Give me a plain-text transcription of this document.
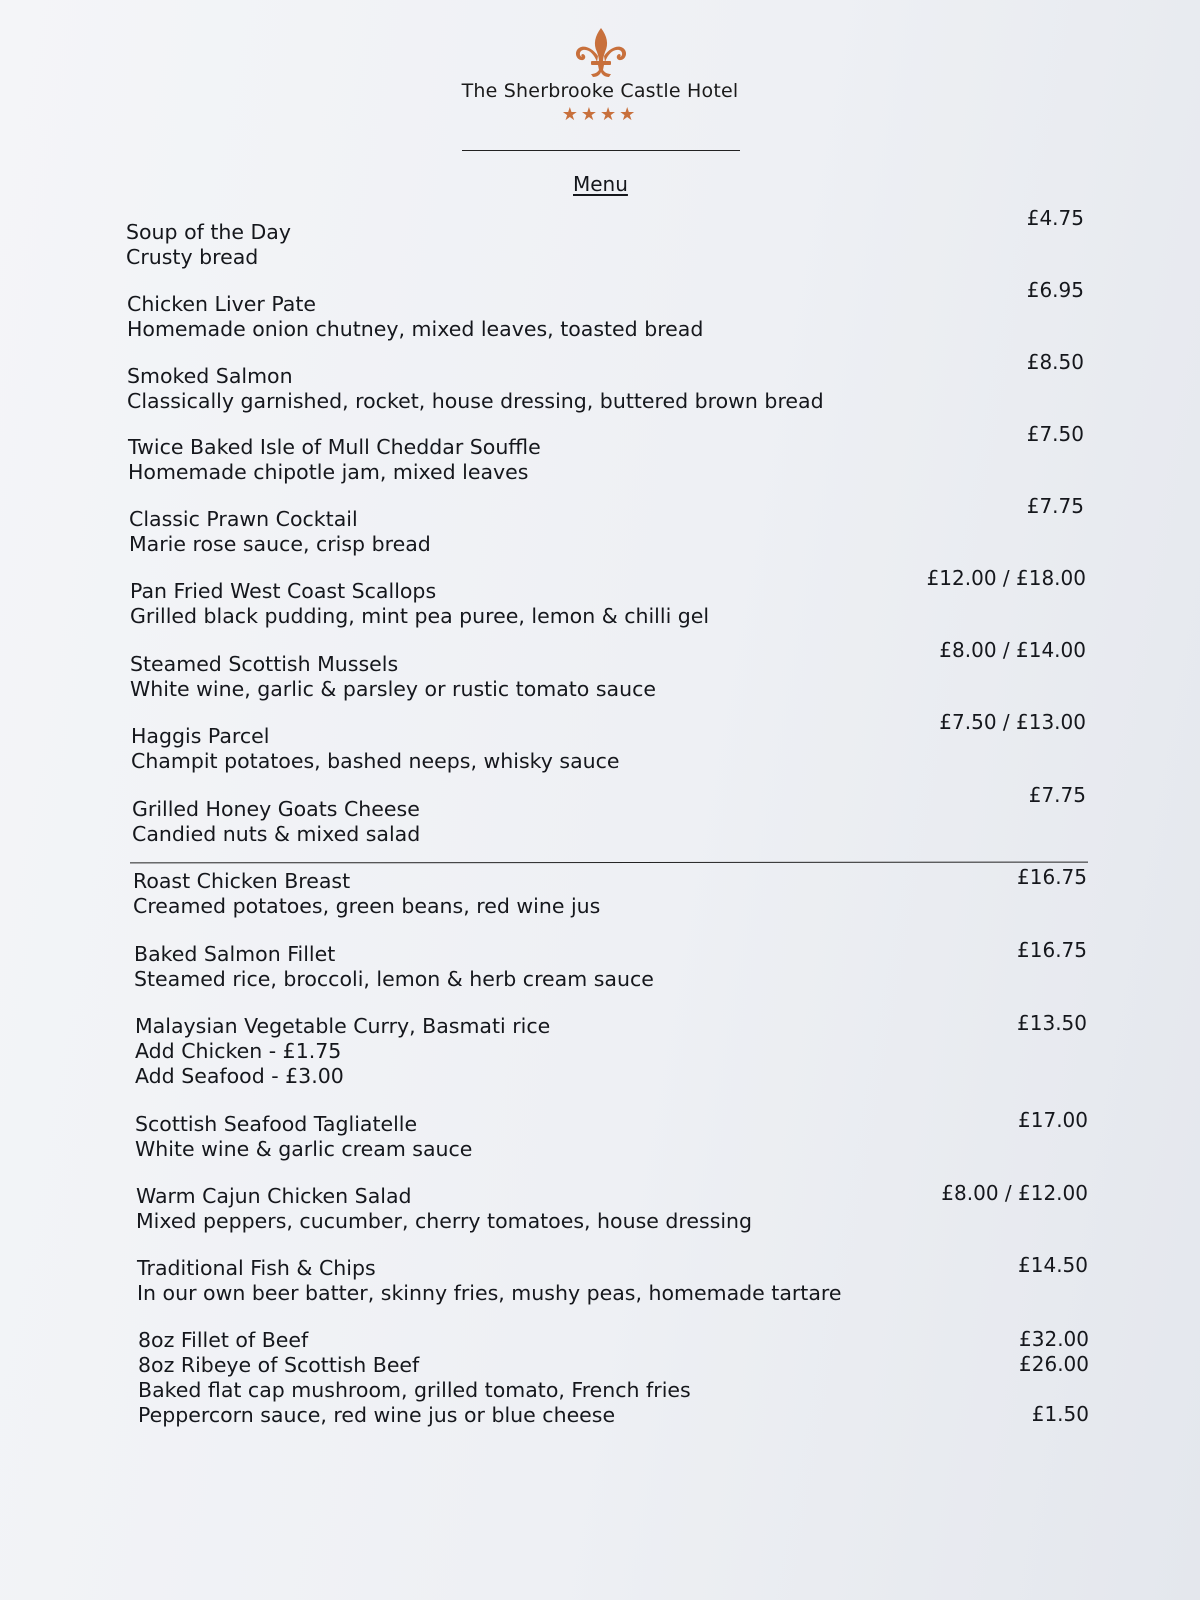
The Sherbrooke Castle Hotel
★★★★
Menu
Soup of the Day
Crusty bread
£4.75
Chicken Liver Pate
Homemade onion chutney, mixed leaves, toasted bread
£6.95
Smoked Salmon
Classically garnished, rocket, house dressing, buttered brown bread
£8.50
Twice Baked Isle of Mull Cheddar Souffle
Homemade chipotle jam, mixed leaves
£7.50
Classic Prawn Cocktail
Marie rose sauce, crisp bread
£7.75
Pan Fried West Coast Scallops
Grilled black pudding, mint pea puree, lemon & chilli gel
£12.00 / £18.00
Steamed Scottish Mussels
White wine, garlic & parsley or rustic tomato sauce
£8.00 / £14.00
Haggis Parcel
Champit potatoes, bashed neeps, whisky sauce
£7.50 / £13.00
Grilled Honey Goats Cheese
Candied nuts & mixed salad
£7.75
Roast Chicken Breast
Creamed potatoes, green beans, red wine jus
£16.75
Baked Salmon Fillet
Steamed rice, broccoli, lemon & herb cream sauce
£16.75
Malaysian Vegetable Curry, Basmati rice
Add Chicken - £1.75
Add Seafood - £3.00
£13.50
Scottish Seafood Tagliatelle
White wine & garlic cream sauce
£17.00
Warm Cajun Chicken Salad
Mixed peppers, cucumber, cherry tomatoes, house dressing
£8.00 / £12.00
Traditional Fish & Chips
In our own beer batter, skinny fries, mushy peas, homemade tartare
£14.50
8oz Fillet of Beef
8oz Ribeye of Scottish Beef
Baked flat cap mushroom, grilled tomato, French fries
Peppercorn sauce, red wine jus or blue cheese
£32.00
£26.00

£1.50
